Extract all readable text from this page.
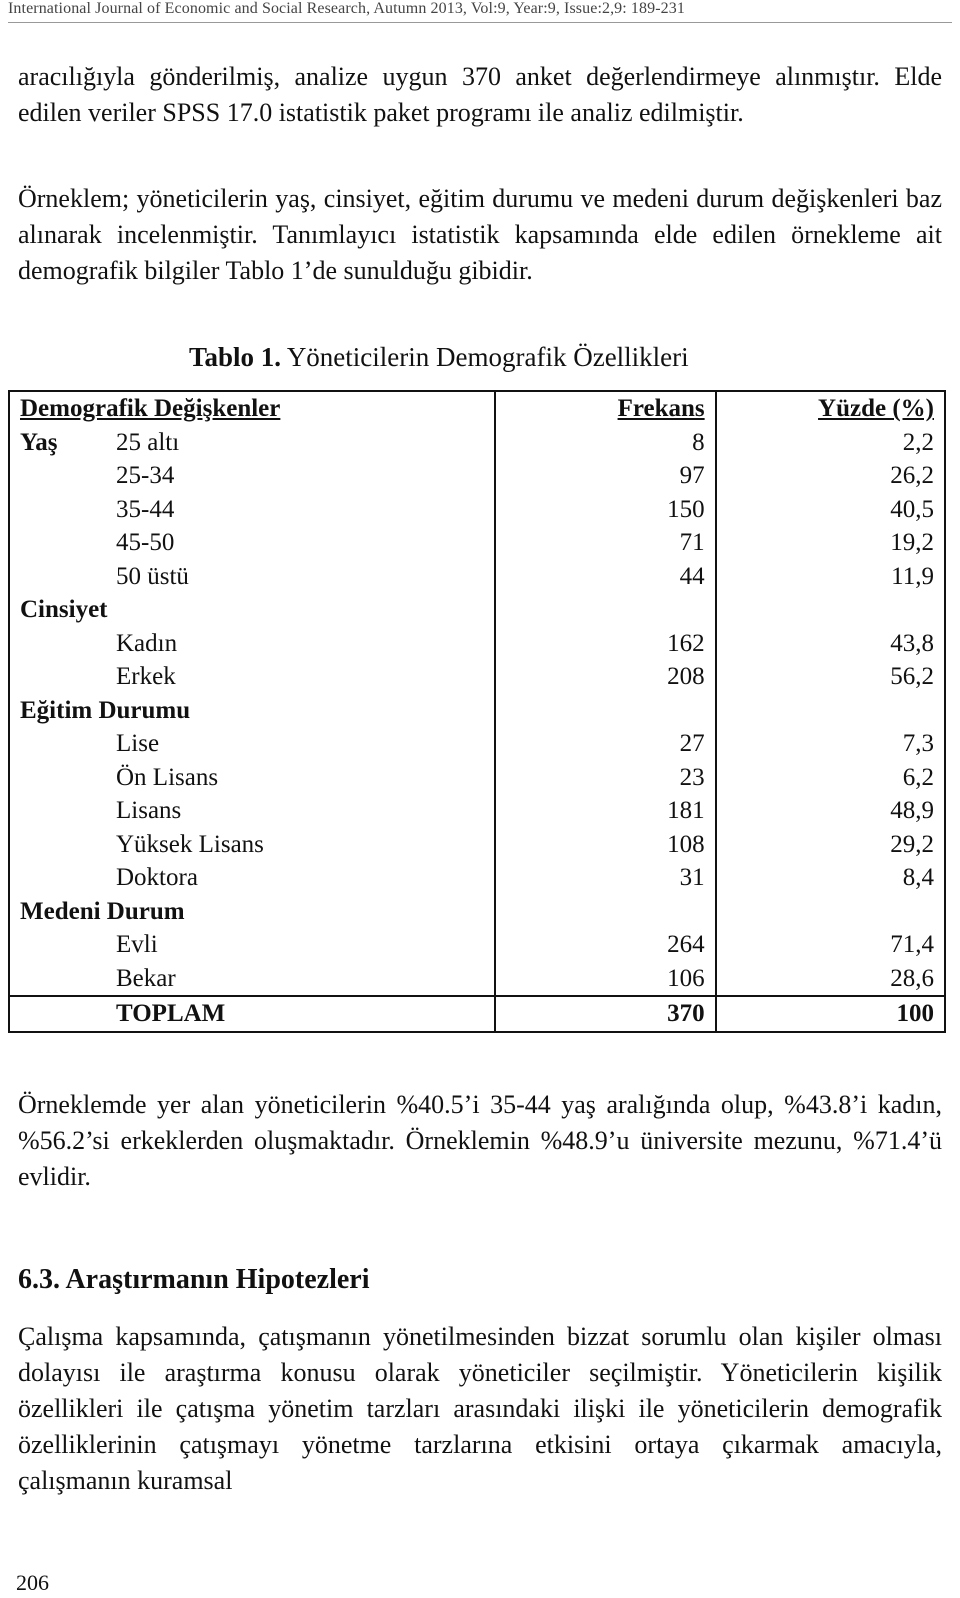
International Journal of Economic and Social Research, Autumn 2013, Vol:9, Year:9, Issue:2,9: 189-231

aracılığıyla gönderilmiş, analize uygun 370 anket değerlendirmeye alınmıştır. Elde edilen veriler SPSS 17.0 istatistik paket programı ile analiz edilmiştir.

Örneklem; yöneticilerin yaş, cinsiyet, eğitim durumu ve medeni durum değişkenleri baz alınarak incelenmiştir. Tanımlayıcı istatistik kapsamında elde edilen örnekleme ait demografik bilgiler Tablo 1’de sunulduğu gibidir.

Tablo 1. Yöneticilerin Demografik Özellikleri
Demografik Değişkenler	Frekans	Yüzde (%)
Yaş 25 altı	8	2,2
25-34	97	26,2
35-44	150	40,5
45-50	71	19,2
50 üstü	44	11,9
Cinsiyet		
Kadın	162	43,8
Erkek	208	56,2
Eğitim Durumu		
Lise	27	7,3
Ön Lisans	23	6,2
Lisans	181	48,9
Yüksek Lisans	108	29,2
Doktora	31	8,4
Medeni Durum		
Evli	264	71,4
Bekar	106	28,6
TOPLAM	370	100

Örneklemde yer alan yöneticilerin %40.5’i 35-44 yaş aralığında olup, %43.8’i kadın, %56.2’si erkeklerden oluşmaktadır. Örneklemin %48.9’u üniversite mezunu, %71.4’ü evlidir.

6.3. Araştırmanın Hipotezleri

Çalışma kapsamında, çatışmanın yönetilmesinden bizzat sorumlu olan kişiler olması dolayısı ile araştırma konusu olarak yöneticiler seçilmiştir. Yöneticilerin kişilik özellikleri ile çatışma yönetim tarzları arasındaki ilişki ile yöneticilerin demografik özelliklerinin çatışmayı yönetme tarzlarına etkisini ortaya çıkarmak amacıyla, çalışmanın kuramsal

206
